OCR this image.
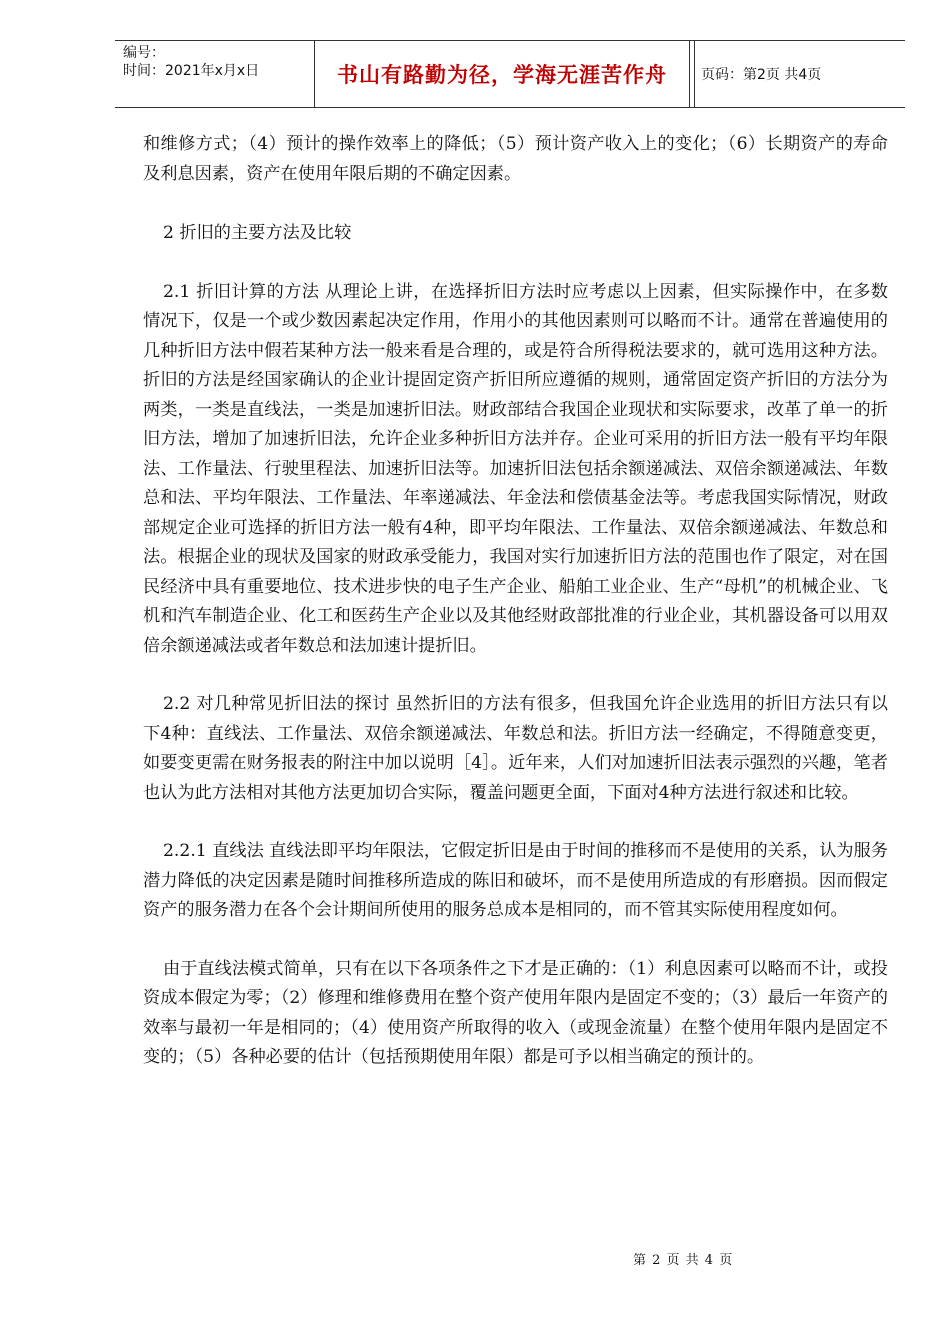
编号：
时间：2021年x月x日	书山有路勤为径，学海无涯苦作舟 页码：第2页 共4页

和维修方式；（4）预计的操作效率上的降低；（5）预计资产收入上的变化；（6）长期资产的寿命及利息因素，资产在使用年限后期的不确定因素。

2 折旧的主要方法及比较

2.1 折旧计算的方法 从理论上讲，在选择折旧方法时应考虑以上因素，但实际操作中，在多数情况下，仅是一个或少数因素起决定作用，作用小的其他因素则可以略而不计。通常在普遍使用的几种折旧方法中假若某种方法一般来看是合理的，或是符合所得税法要求的，就可选用这种方法。折旧的方法是经国家确认的企业计提固定资产折旧所应遵循的规则，通常固定资产折旧的方法分为两类，一类是直线法，一类是加速折旧法。财政部结合我国企业现状和实际要求，改革了单一的折旧方法，增加了加速折旧法，允许企业多种折旧方法并存。企业可采用的折旧方法一般有平均年限法、工作量法、行驶里程法、加速折旧法等。加速折旧法包括余额递减法、双倍余额递减法、年数总和法、平均年限法、工作量法、年率递减法、年金法和偿债基金法等。考虑我国实际情况，财政部规定企业可选择的折旧方法一般有4种，即平均年限法、工作量法、双倍余额递减法、年数总和法。根据企业的现状及国家的财政承受能力，我国对实行加速折旧方法的范围也作了限定，对在国民经济中具有重要地位、技术进步快的电子生产企业、船舶工业企业、生产“母机”的机械企业、飞机和汽车制造企业、化工和医药生产企业以及其他经财政部批准的行业企业，其机器设备可以用双倍余额递减法或者年数总和法加速计提折旧。

2.2 对几种常见折旧法的探讨 虽然折旧的方法有很多，但我国允许企业选用的折旧方法只有以下4种：直线法、工作量法、双倍余额递减法、年数总和法。折旧方法一经确定，不得随意变更，如要变更需在财务报表的附注中加以说明［4］。近年来，人们对加速折旧法表示强烈的兴趣，笔者也认为此方法相对其他方法更加切合实际，覆盖问题更全面，下面对4种方法进行叙述和比较。

2.2.1 直线法 直线法即平均年限法，它假定折旧是由于时间的推移而不是使用的关系，认为服务潜力降低的决定因素是随时间推移所造成的陈旧和破坏，而不是使用所造成的有形磨损。因而假定资产的服务潜力在各个会计期间所使用的服务总成本是相同的，而不管其实际使用程度如何。

由于直线法模式简单，只有在以下各项条件之下才是正确的：（1）利息因素可以略而不计，或投资成本假定为零；（2）修理和维修费用在整个资产使用年限内是固定不变的；（3）最后一年资产的效率与最初一年是相同的；（4）使用资产所取得的收入（或现金流量）在整个使用年限内是固定不变的；（5）各种必要的估计（包括预期使用年限）都是可予以相当确定的预计的。

第 2 页 共 4 页
